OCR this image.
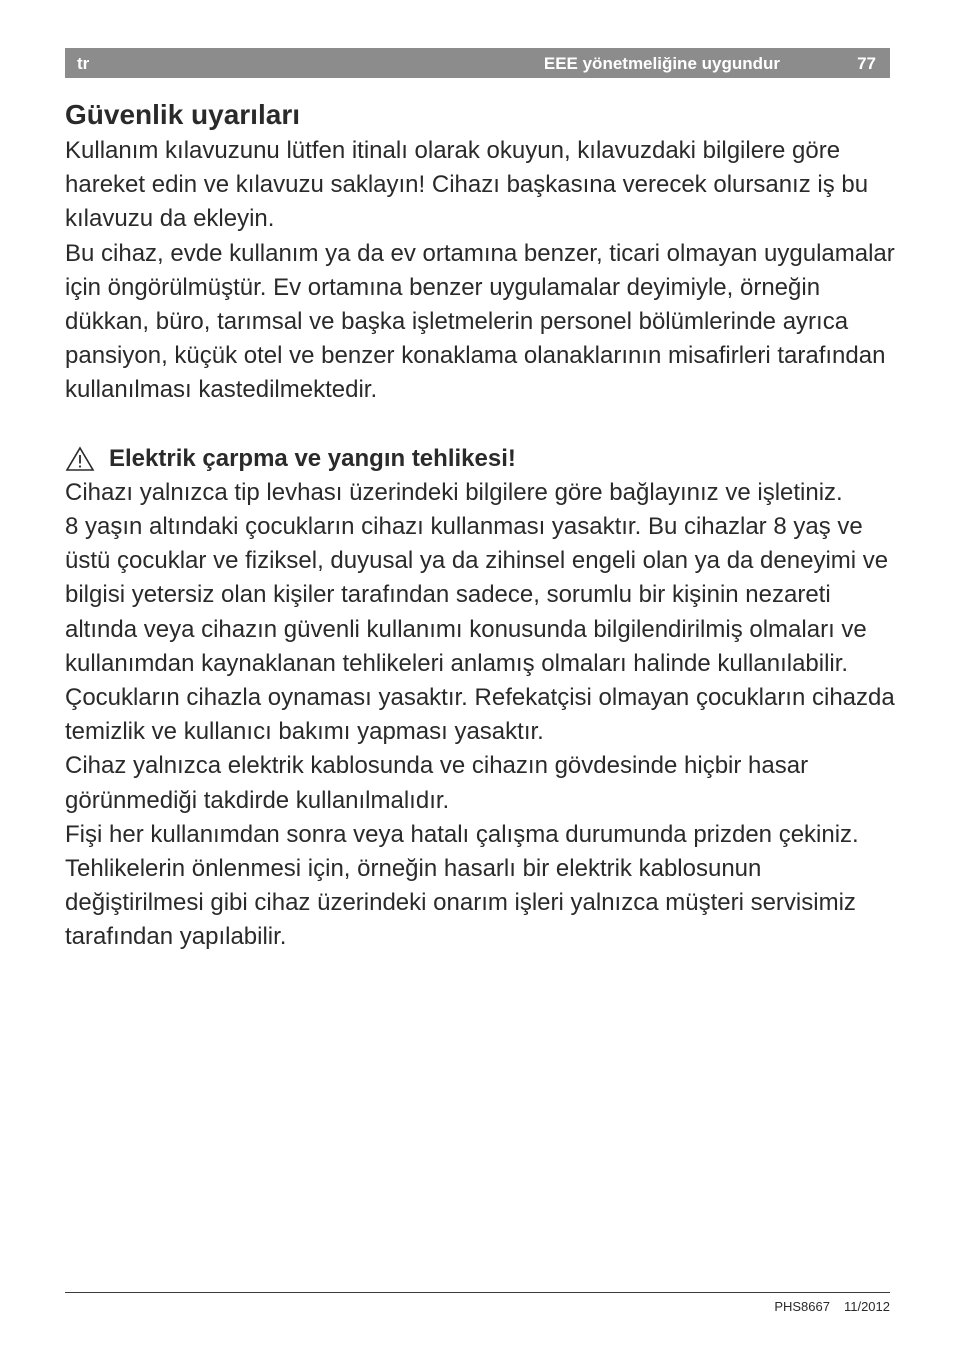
tr	EEE yönetmeliğine uygundur	77
Güvenlik uyarıları

Kullanım kılavuzunu lütfen itinalı olarak okuyun, kılavuzdaki bilgilere göre hareket edin ve kılavuzu saklayın! Cihazı başkasına verecek olursanız iş bu kılavuzu da ekleyin.

Bu cihaz, evde kullanım ya da ev ortamına benzer, ticari olmayan uygulamalar için öngörülmüştür. Ev ortamına benzer uygulamalar deyimiyle, örneğin dükkan, büro, tarımsal ve başka işletmelerin personel bölümlerinde ayrıca pansiyon, küçük otel ve benzer konaklama olanaklarının misafirleri tarafından kullanılması kastedilmektedir.

Elektrik çarpma ve yangın tehlikesi!

Cihazı yalnızca tip levhası üzerindeki bilgilere göre bağlayınız ve işletiniz.

8 yaşın altındaki çocukların cihazı kullanması yasaktır. Bu cihazlar 8 yaş ve üstü çocuklar ve fiziksel, duyusal ya da zihinsel engeli olan ya da deneyimi ve bilgisi yetersiz olan kişiler tarafından sadece, sorumlu bir kişinin nezareti altında veya cihazın güvenli kullanımı konusunda bilgilendirilmiş olmaları ve kullanımdan kaynaklanan tehlikeleri anlamış olmaları halinde kullanılabilir. Çocukların cihazla oynaması yasaktır. Refekatçisi olmayan çocukların cihazda temizlik ve kullanıcı bakımı yapması yasaktır.

Cihaz yalnızca elektrik kablosunda ve cihazın gövdesinde hiçbir hasar görünmediği takdirde kullanılmalıdır.

Fişi her kullanımdan sonra veya hatalı çalışma durumunda prizden çekiniz.

Tehlikelerin önlenmesi için, örneğin hasarlı bir elektrik kablosunun değiştirilmesi gibi cihaz üzerindeki onarım işleri yalnızca müşteri servisimiz tarafından yapılabilir.

PHS8667 11/2012
